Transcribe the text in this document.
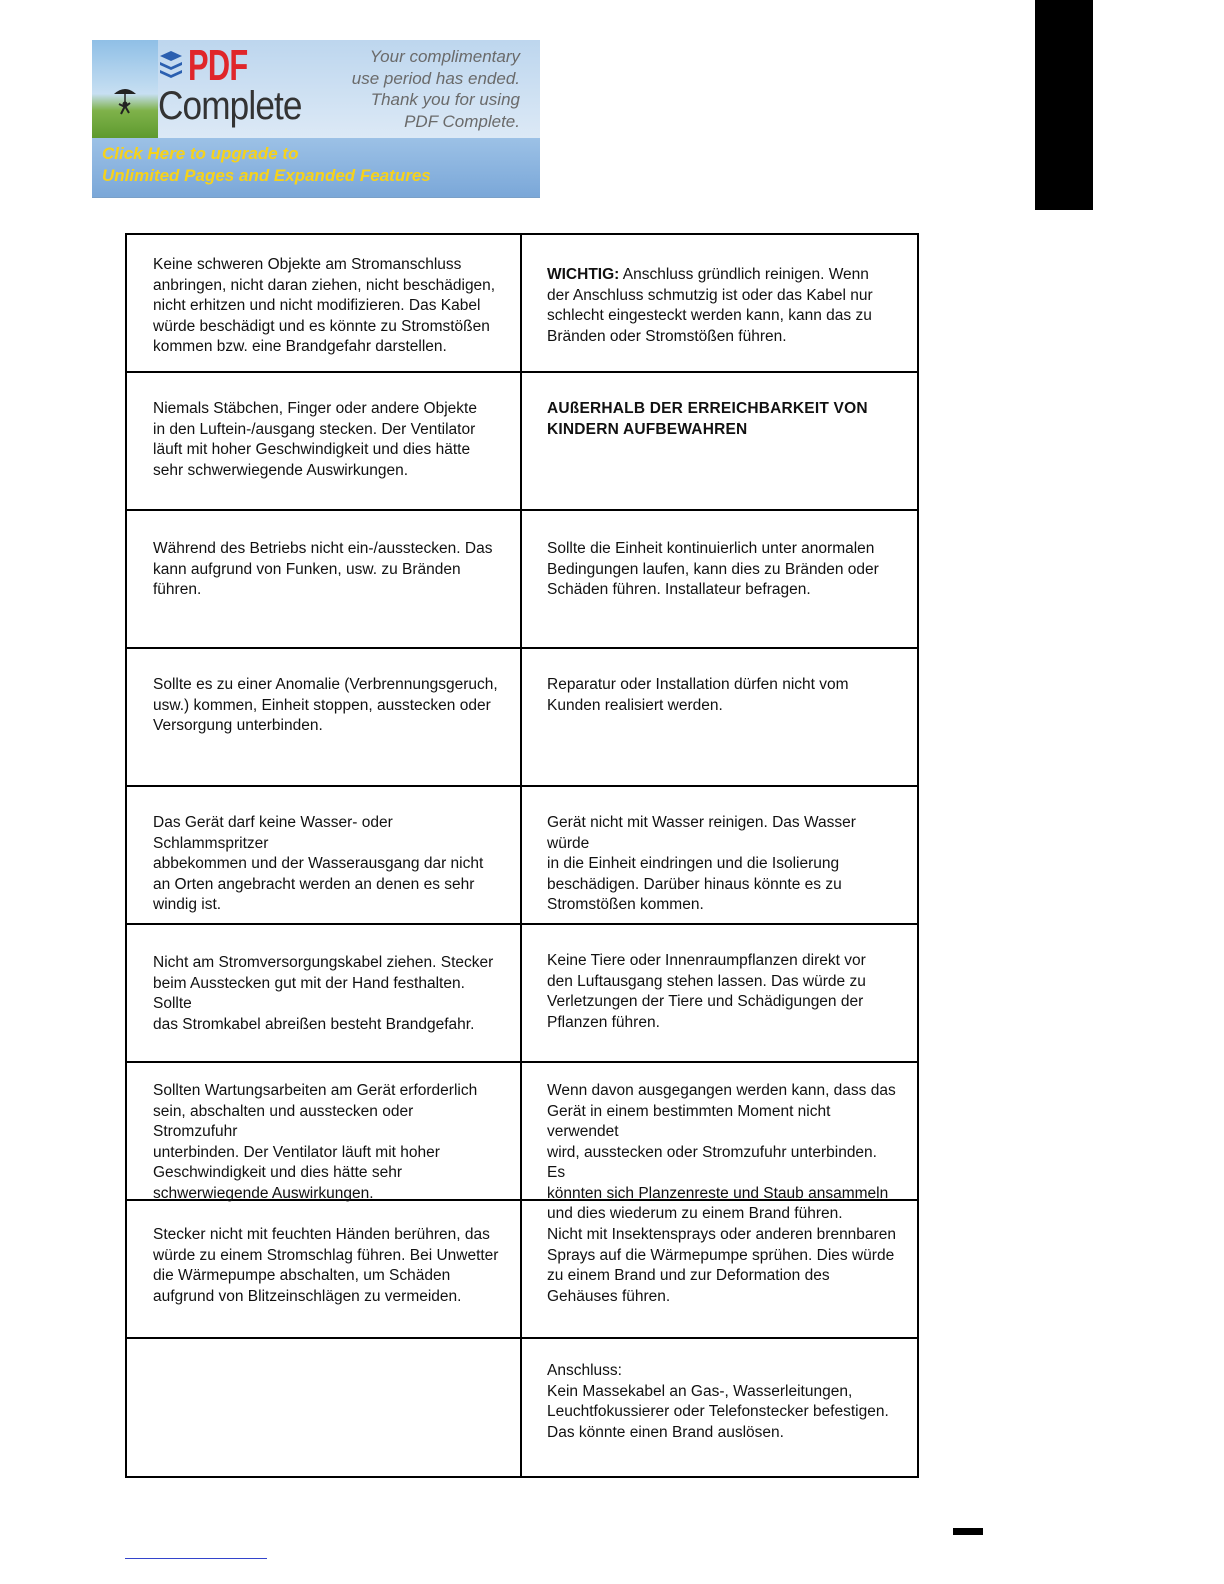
PDF
Complete
Your complimentary
use period has ended.
Thank you for using
PDF Complete.
Click Here to upgrade to
Unlimited Pages and Expanded Features
Keine schweren Objekte am Stromanschluss
anbringen, nicht daran ziehen, nicht beschädigen,
nicht erhitzen und nicht modifizieren. Das Kabel
würde beschädigt und es könnte zu Stromstößen
kommen bzw. eine Brandgefahr darstellen.
WICHTIG: Anschluss gründlich reinigen. Wenn
der Anschluss schmutzig ist oder das Kabel nur
schlecht eingesteckt werden kann, kann das zu
Bränden oder Stromstößen führen.
Niemals Stäbchen, Finger oder andere Objekte
in den Luftein-/ausgang stecken. Der Ventilator
läuft mit hoher Geschwindigkeit und dies hätte
sehr schwerwiegende Auswirkungen.
AUßERHALB DER ERREICHBARKEIT VON
KINDERN AUFBEWAHREN
Während des Betriebs nicht ein-/ausstecken. Das
kann aufgrund von Funken, usw. zu Bränden
führen.
Sollte die Einheit kontinuierlich unter anormalen
Bedingungen laufen, kann dies zu Bränden oder
Schäden führen. Installateur befragen.
Sollte es zu einer Anomalie (Verbrennungsgeruch,
usw.) kommen, Einheit stoppen, ausstecken oder
Versorgung unterbinden.
Reparatur oder Installation dürfen nicht vom
Kunden realisiert werden.
Das Gerät darf keine Wasser- oder Schlammspritzer
abbekommen und der Wasserausgang dar nicht
an Orten angebracht werden an denen es sehr
windig ist.
Gerät nicht mit Wasser reinigen. Das Wasser würde
in die Einheit eindringen und die Isolierung
beschädigen. Darüber hinaus könnte es zu
Stromstößen kommen.
Nicht am Stromversorgungskabel ziehen. Stecker
beim Ausstecken gut mit der Hand festhalten. Sollte
das Stromkabel abreißen besteht Brandgefahr.
Keine Tiere oder Innenraumpflanzen direkt vor
den Luftausgang stehen lassen. Das würde zu
Verletzungen der Tiere und Schädigungen der
Pflanzen führen.
Sollten Wartungsarbeiten am Gerät erforderlich
sein, abschalten und ausstecken oder Stromzufuhr
unterbinden. Der Ventilator läuft mit hoher
Geschwindigkeit und dies hätte sehr
schwerwiegende Auswirkungen.
Wenn davon ausgegangen werden kann, dass das
Gerät in einem bestimmten Moment nicht verwendet
wird, ausstecken oder Stromzufuhr unterbinden. Es
könnten sich Planzenreste und Staub ansammeln
und dies wiederum zu einem Brand führen.
Stecker nicht mit feuchten Händen berühren, das
würde zu einem Stromschlag führen. Bei Unwetter
die Wärmepumpe abschalten, um Schäden
aufgrund von Blitzeinschlägen zu vermeiden.
Nicht mit Insektensprays oder anderen brennbaren
Sprays auf die Wärmepumpe sprühen. Dies würde
zu einem Brand und zur Deformation des
Gehäuses führen.
Anschluss:
Kein Massekabel an Gas-, Wasserleitungen,
Leuchtfokussierer oder Telefonstecker befestigen.
Das könnte einen Brand auslösen.
